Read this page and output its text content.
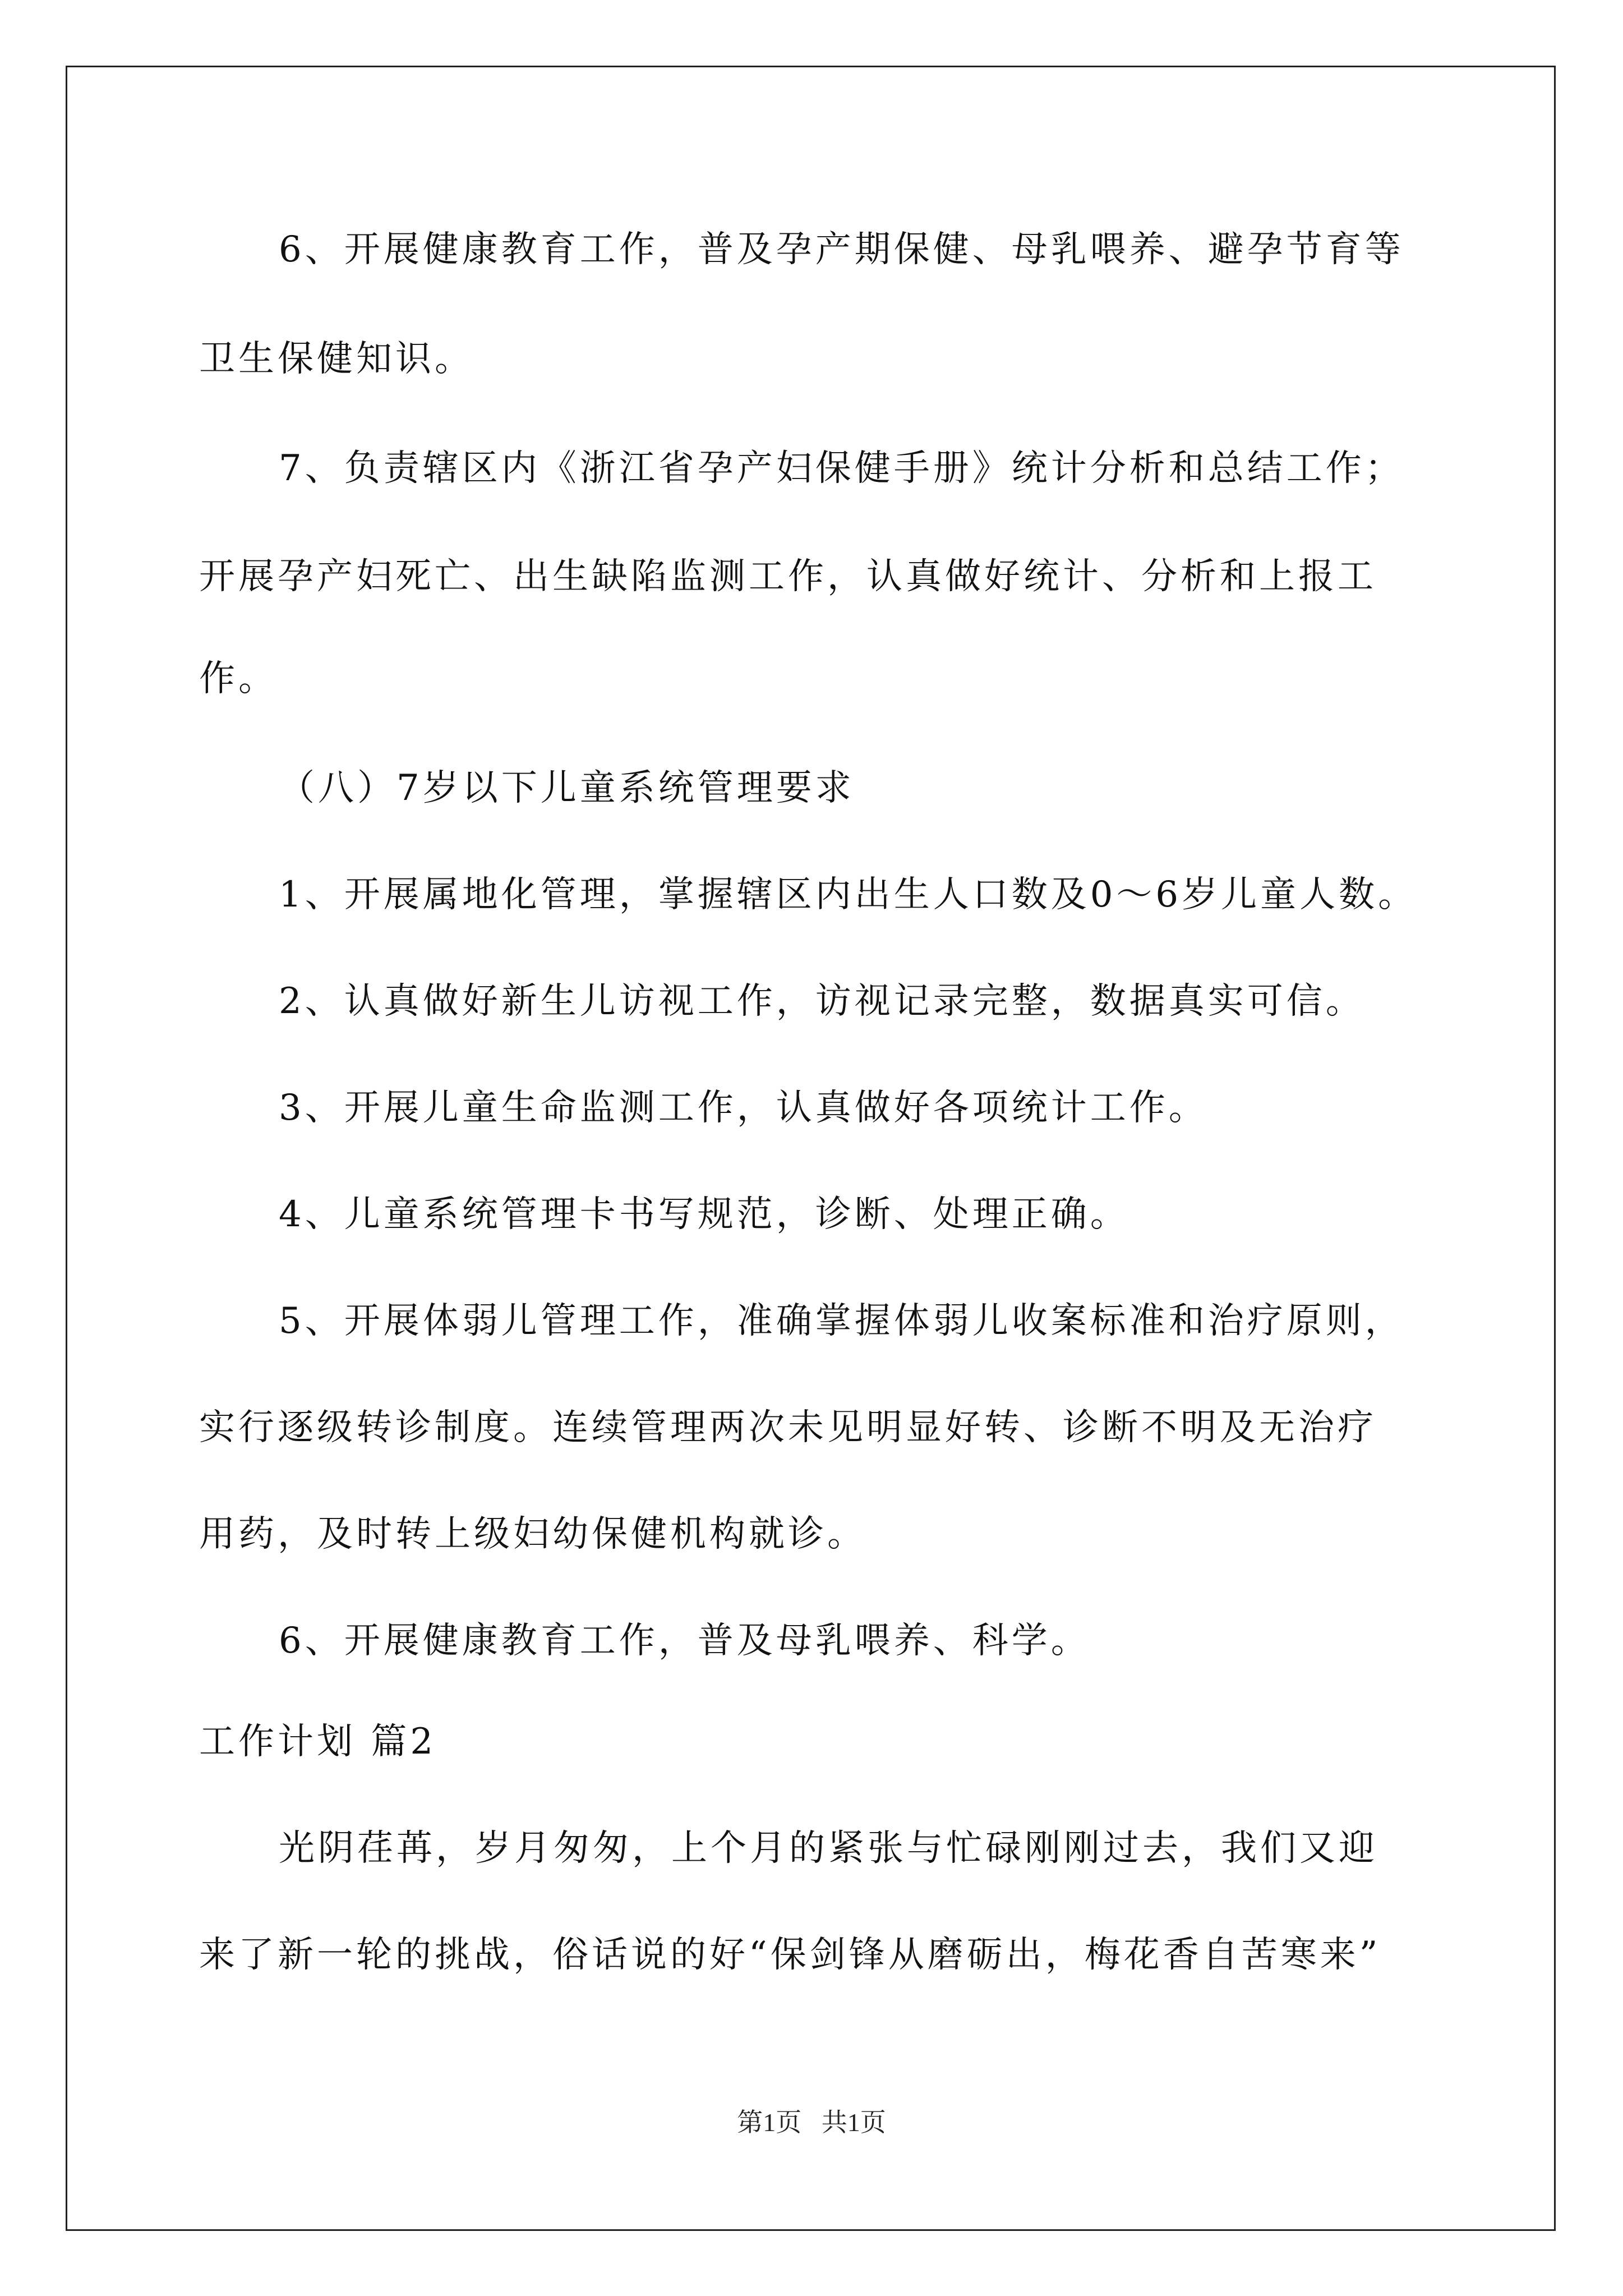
6、开展健康教育工作，普及孕产期保健、母乳喂养、避孕节育等
卫生保健知识。
7、负责辖区内《浙江省孕产妇保健手册》统计分析和总结工作；
开展孕产妇死亡、出生缺陷监测工作，认真做好统计、分析和上报工
作。
（八）7岁以下儿童系统管理要求
1、开展属地化管理，掌握辖区内出生人口数及0～6岁儿童人数。
2、认真做好新生儿访视工作，访视记录完整，数据真实可信。
3、开展儿童生命监测工作，认真做好各项统计工作。
4、儿童系统管理卡书写规范，诊断、处理正确。
5、开展体弱儿管理工作，准确掌握体弱儿收案标准和治疗原则，
实行逐级转诊制度。连续管理两次未见明显好转、诊断不明及无治疗
用药，及时转上级妇幼保健机构就诊。
6、开展健康教育工作，普及母乳喂养、科学。
工作计划 篇2
光阴荏苒，岁月匆匆，上个月的紧张与忙碌刚刚过去，我们又迎
来了新一轮的挑战，俗话说的好“保剑锋从磨砺出，梅花香自苦寒来”
第1页 共1页
